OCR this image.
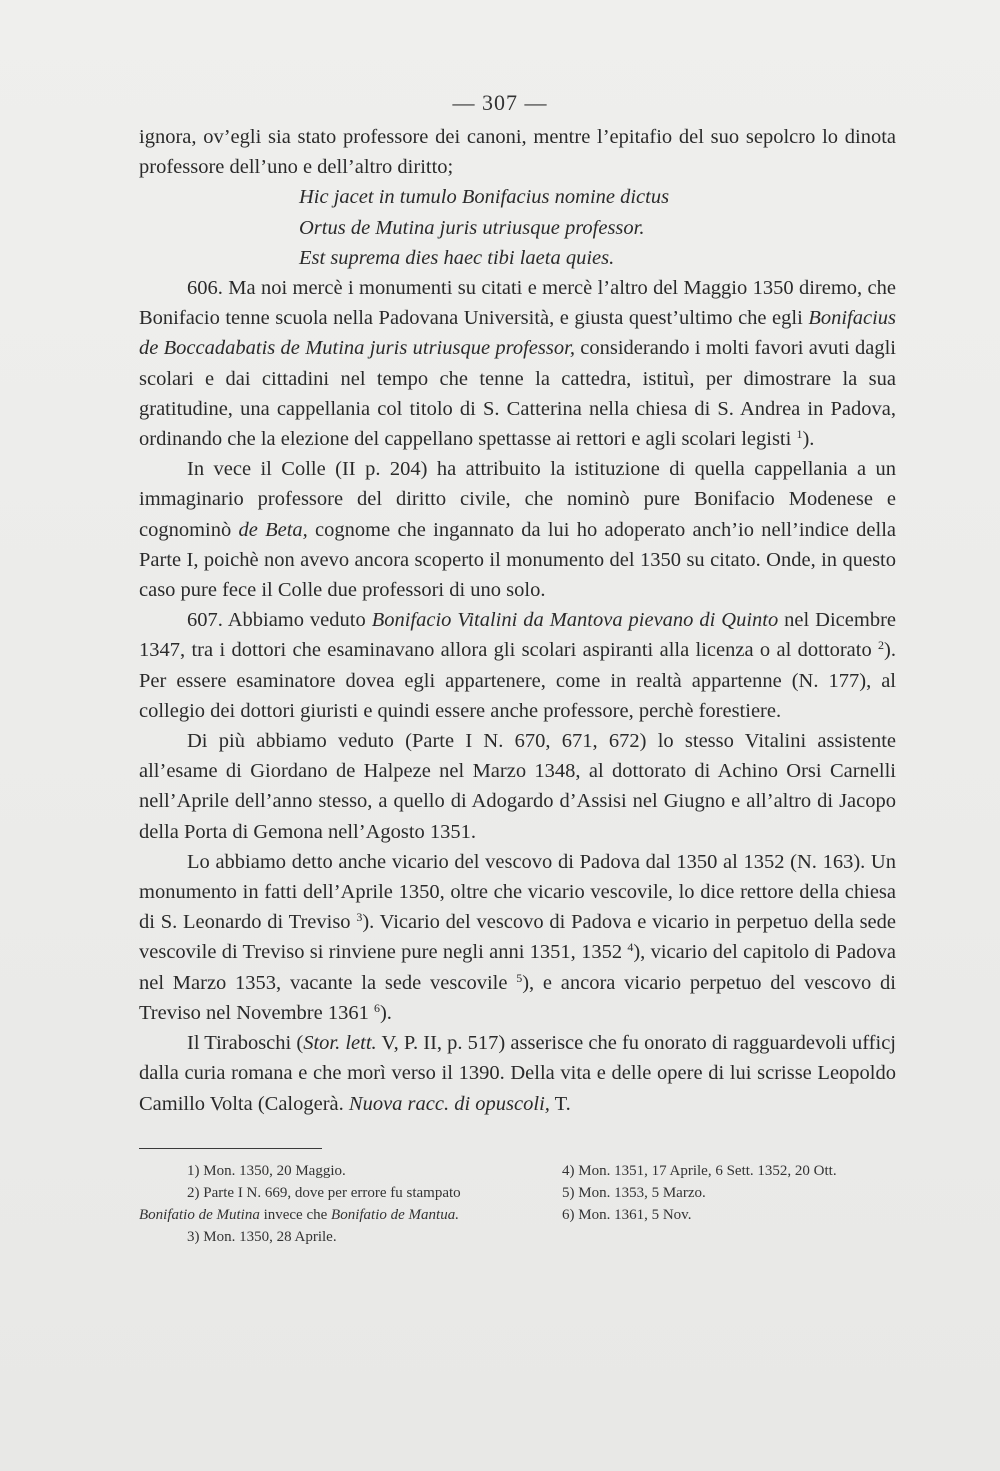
— 307 —

ignora, ov’egli sia stato professore dei canoni, mentre l’epitafio del suo sepolcro lo dinota professore dell’uno e dell’altro diritto;

Hic jacet in tumulo Bonifacius nomine dictus
Ortus de Mutina juris utriusque professor.
Est suprema dies haec tibi laeta quies.

606. Ma noi mercè i monumenti su citati e mercè l’altro del Maggio 1350 diremo, che Bonifacio tenne scuola nella Padovana Università, e giusta quest’ultimo che egli Bonifacius de Boccadabatis de Mutina juris utriusque professor, considerando i molti favori avuti dagli scolari e dai cittadini nel tempo che tenne la cattedra, istituì, per dimostrare la sua gratitudine, una cappellania col titolo di S. Catterina nella chiesa di S. Andrea in Padova, ordinando che la elezione del cappellano spettasse ai rettori e agli scolari legisti $^1$).

In vece il Colle (II p. 204) ha attribuito la istituzione di quella cappellania a un immaginario professore del diritto civile, che nominò pure Bonifacio Modenese e cognominò de Beta, cognome che ingannato da lui ho adoperato anch’io nell’indice della Parte I, poichè non avevo ancora scoperto il monumento del 1350 su citato. Onde, in questo caso pure fece il Colle due professori di uno solo.

607. Abbiamo veduto Bonifacio Vitalini da Mantova pievano di Quinto nel Dicembre 1347, tra i dottori che esaminavano allora gli scolari aspiranti alla licenza o al dottorato $^2$). Per essere esaminatore dovea egli appartenere, come in realtà appartenne (N. 177), al collegio dei dottori giuristi e quindi essere anche professore, perchè forestiere.

Di più abbiamo veduto (Parte I N. 670, 671, 672) lo stesso Vitalini assistente all’esame di Giordano de Halpeze nel Marzo 1348, al dottorato di Achino Orsi Carnelli nell’Aprile dell’anno stesso, a quello di Adogardo d’Assisi nel Giugno e all’altro di Jacopo della Porta di Gemona nell’Agosto 1351.

Lo abbiamo detto anche vicario del vescovo di Padova dal 1350 al 1352 (N. 163). Un monumento in fatti dell’Aprile 1350, oltre che vicario vescovile, lo dice rettore della chiesa di S. Leonardo di Treviso $^3$). Vicario del vescovo di Padova e vicario in perpetuo della sede vescovile di Treviso si rinviene pure negli anni 1351, 1352 $^4$), vicario del capitolo di Padova nel Marzo 1353, vacante la sede vescovile $^5$), e ancora vicario perpetuo del vescovo di Treviso nel Novembre 1361 $^6$).

Il Tiraboschi (Stor. lett. V, P. II, p. 517) asserisce che fu onorato di ragguardevoli ufficj dalla curia romana e che morì verso il 1390. Della vita e delle opere di lui scrisse Leopoldo Camillo Volta (Calogerà. Nuova racc. di opuscoli, T.

1) Mon. 1350, 20 Maggio.
2) Parte I N. 669, dove per errore fu stampato Bonifatio de Mutina invece che Bonifatio de Mantua.
3) Mon. 1350, 28 Aprile.
4) Mon. 1351, 17 Aprile, 6 Sett. 1352, 20 Ott.
5) Mon. 1353, 5 Marzo.
6) Mon. 1361, 5 Nov.
